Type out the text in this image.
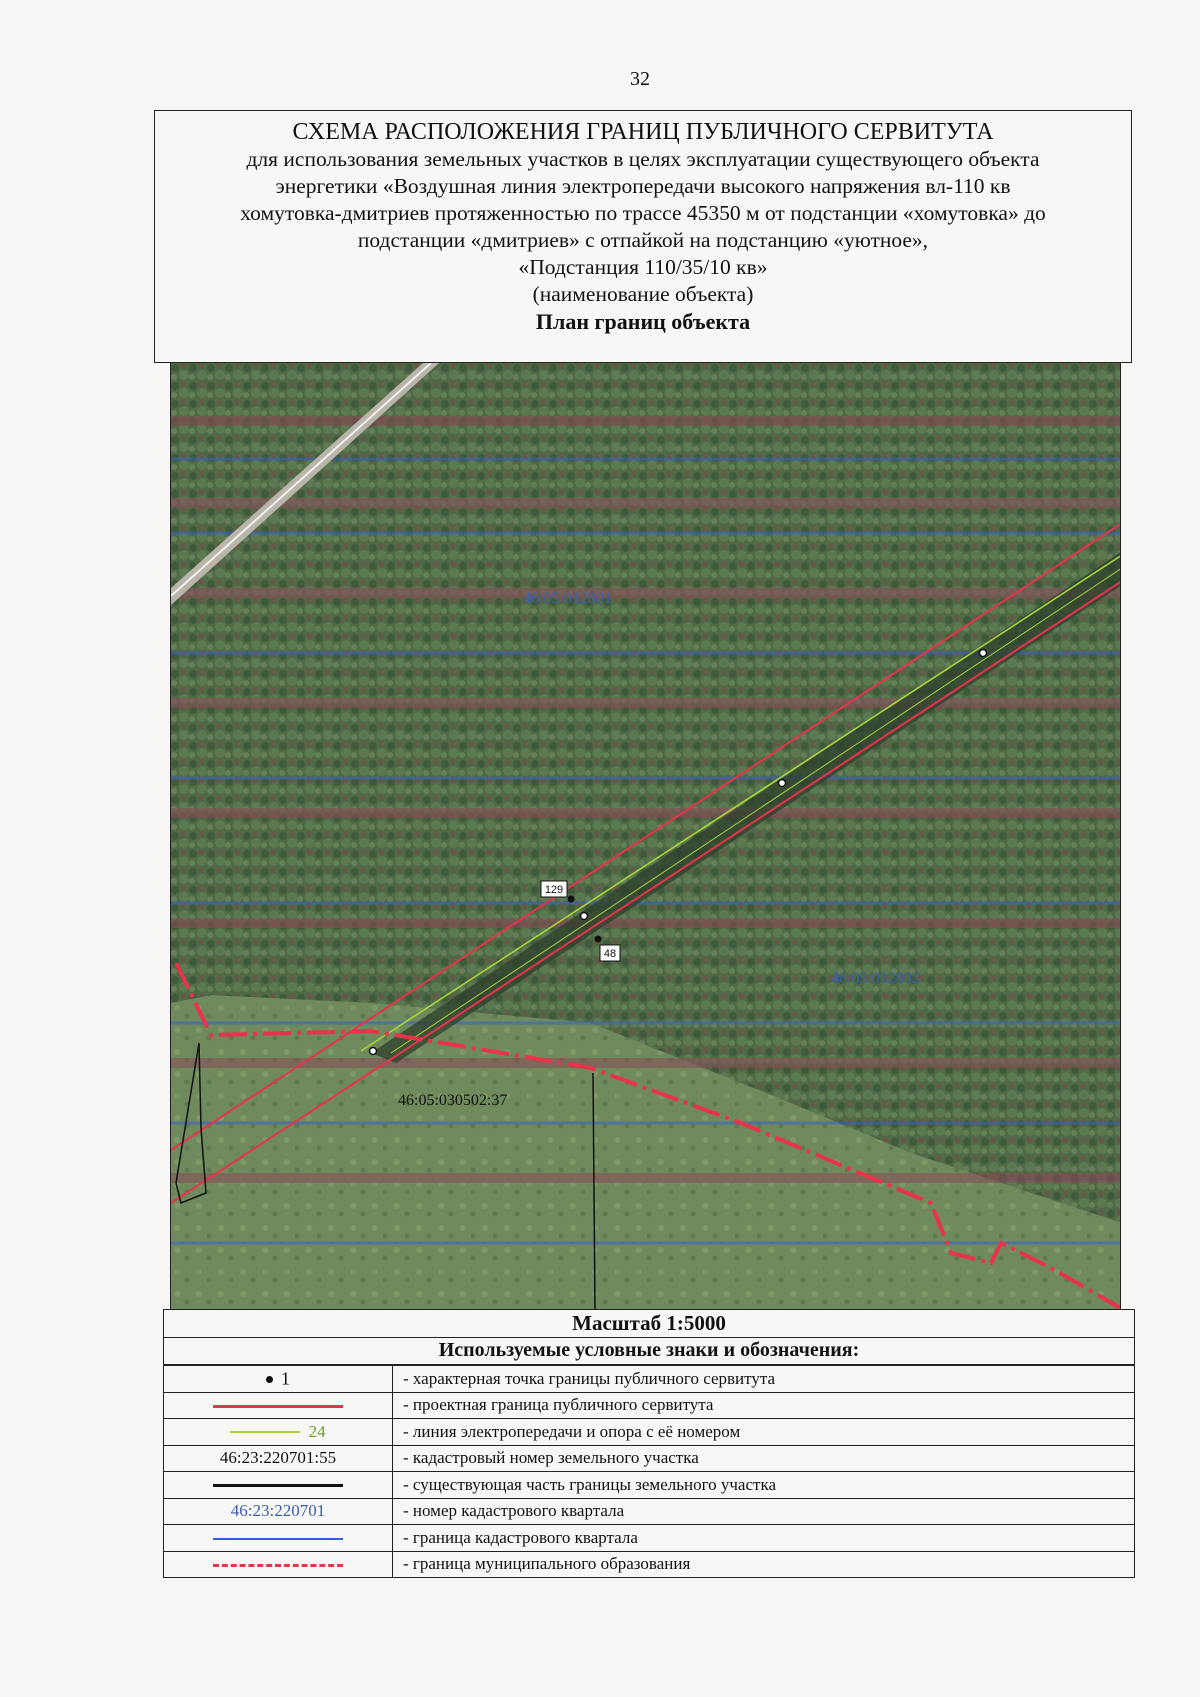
32
СХЕМА РАСПОЛОЖЕНИЯ ГРАНИЦ ПУБЛИЧНОГО СЕРВИТУТА
для использования земельных участков в целях эксплуатации существующего объекта
энергетики «Воздушная линия электропередачи высокого напряжения вл-110 кв
хомутовка-дмитриев протяженностью по трассе 45350 м от подстанции «хомутовка» до
подстанции «дмитриев» с отпайкой на подстанцию «уютное»,
«Подстанция 110/35/10 кв»
(наименование объекта)
План границ объекта
129
48
46:05:012801
46:05:012802
46:05:030502:37
Масштаб 1:5000
Используемые условные знаки и обозначения:
1	- характерная точка границы публичного сервитута
	- проектная граница публичного сервитута
24	- линия электропередачи и опора с её номером
46:23:220701:55	- кадастровый номер земельного участка
	- существующая часть границы земельного участка
46:23:220701	- номер кадастрового квартала
	- граница кадастрового квартала
	- граница муниципального образования
